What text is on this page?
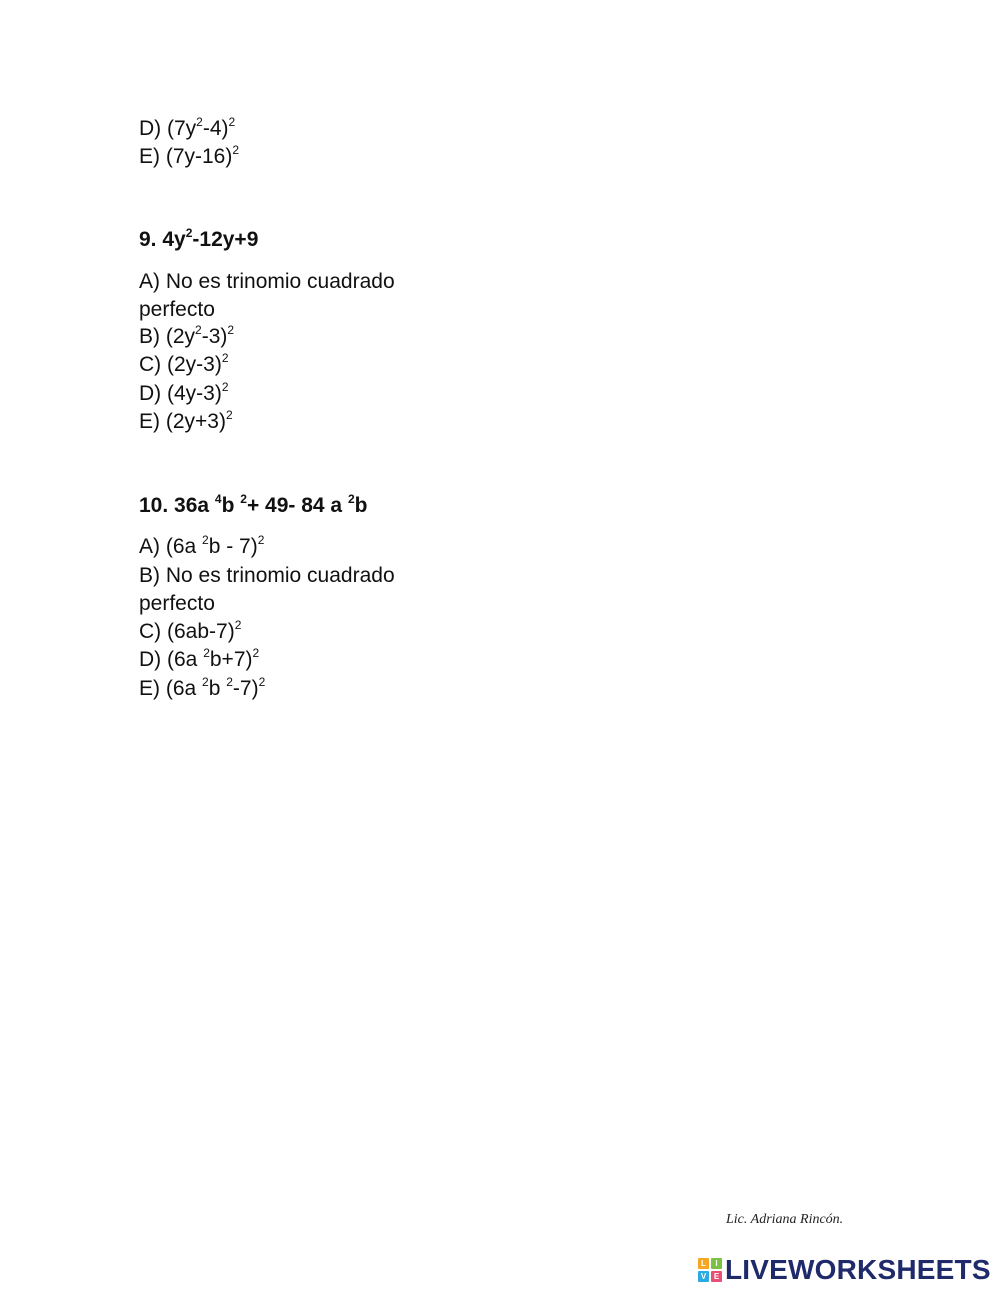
D) $(7y^2-4)^2$
E) $(7y-16)^2$
9. $4y^2-12y+9$
A) No es trinomio cuadrado perfecto
B) $(2y^2-3)^2$
C) $(2y-3)^2$
D) $(4y-3)^2$
E) $(2y+3)^2$
10. 36a $^4$b $^2$+ 49- 84 a $^2$b
A) (6a $^2$b - 7)$^2$
B) No es trinomio cuadrado perfecto
C) $(6ab-7)^2$
D) (6a $^2$b+7)$^2$
E) (6a $^2$b $^2$-7)$^2$
Lic. Adriana Rincón.
L	I
V E LIVEWORKSHEETS
